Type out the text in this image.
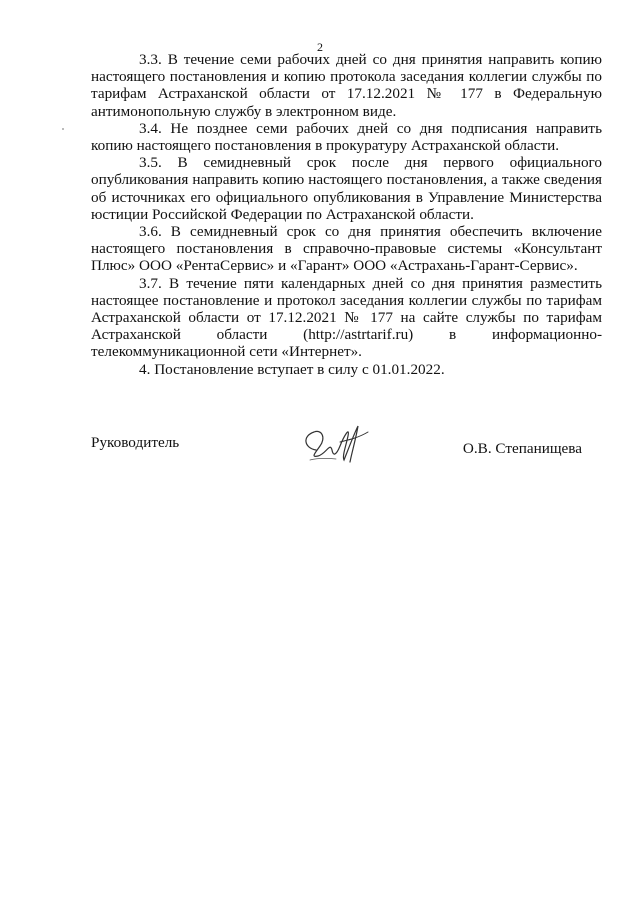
2

3.3. В течение семи рабочих дней со дня принятия направить копию настоящего постановления и копию протокола заседания коллегии службы по тарифам Астраханской области от 17.12.2021 № 177 в Федеральную антимонопольную службу в электронном виде.

3.4. Не позднее семи рабочих дней со дня подписания направить копию настоящего постановления в прокуратуру Астраханской области.

3.5. В семидневный срок после дня первого официального опубликования направить копию настоящего постановления, а также сведения об источниках его официального опубликования в Управление Министерства юстиции Российской Федерации по Астраханской области.

3.6. В семидневный срок со дня принятия обеспечить включение настоящего постановления в справочно-правовые системы «Консультант Плюс» ООО «РентаСервис» и «Гарант» ООО «Астрахань-Гарант-Сервис».

3.7. В течение пяти календарных дней со дня принятия разместить настоящее постановление и протокол заседания коллегии службы по тарифам Астраханской области от 17.12.2021 № 177 на сайте службы по тарифам Астраханской области (http://astrtarif.ru) в информационно-телекоммуникационной сети «Интернет».

4. Постановление вступает в силу с 01.01.2022.

Руководитель	О.В. Степанищева
